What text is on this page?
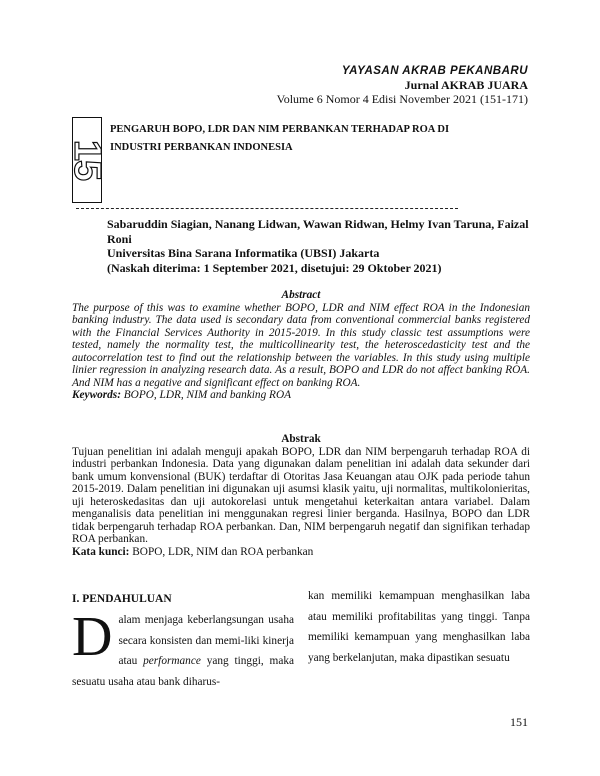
YAYASAN AKRAB PEKANBARU
Jurnal AKRAB JUARA
Volume 6 Nomor 4 Edisi November 2021 (151-171)
15
PENGARUH BOPO, LDR DAN NIM PERBANKAN TERHADAP ROA DI
INDUSTRI PERBANKAN INDONESIA
Sabaruddin Siagian, Nanang Lidwan, Wawan Ridwan, Helmy Ivan Taruna, Faizal
Roni
Universitas Bina Sarana Informatika (UBSI) Jakarta
(Naskah diterima: 1 September 2021, disetujui: 29 Oktober 2021)
Abstract
The purpose of this was to examine whether BOPO, LDR and NIM effect ROA in the Indonesian banking industry. The data used is secondary data from conventional commercial banks registered with the Financial Services Authority in 2015-2019. In this study classic test assumptions were tested, namely the normality test, the multicollinearity test, the heteroscedasticity test and the autocorrelation test to find out the relationship between the variables. In this study using multiple linier regression in analyzing research data. As a result, BOPO and LDR do not affect banking ROA. And NIM has a negative and significant effect on banking ROA.
Keywords: BOPO, LDR, NIM and banking ROA
Abstrak
Tujuan penelitian ini adalah menguji apakah BOPO, LDR dan NIM berpengaruh terhadap ROA di industri perbankan Indonesia. Data yang digunakan dalam penelitian ini adalah data sekunder dari bank umum konvensional (BUK) terdaftar di Otoritas Jasa Keuangan atau OJK pada periode tahun 2015-2019. Dalam penelitian ini digunakan uji asumsi klasik yaitu, uji normalitas, multikolonieritas, uji heteroskedasitas dan uji autokorelasi untuk mengetahui keterkaitan antara variabel. Dalam menganalisis data penelitian ini menggunakan regresi linier berganda. Hasilnya, BOPO dan LDR tidak berpengaruh terhadap ROA perbankan. Dan, NIM berpengaruh negatif dan signifikan terhadap ROA perbankan.
Kata kunci: BOPO, LDR, NIM dan ROA perbankan
I. PENDAHULUAN
Dalam menjaga keberlangsungan usaha secara konsisten dan memi-liki kinerja atau performance yang tinggi, maka sesuatu usaha atau bank diharus-
kan memiliki kemampuan menghasilkan laba atau memiliki profitabilitas yang tinggi. Tanpa memiliki kemampuan yang menghasilkan laba yang berkelanjutan, maka dipastikan sesuatu
151
